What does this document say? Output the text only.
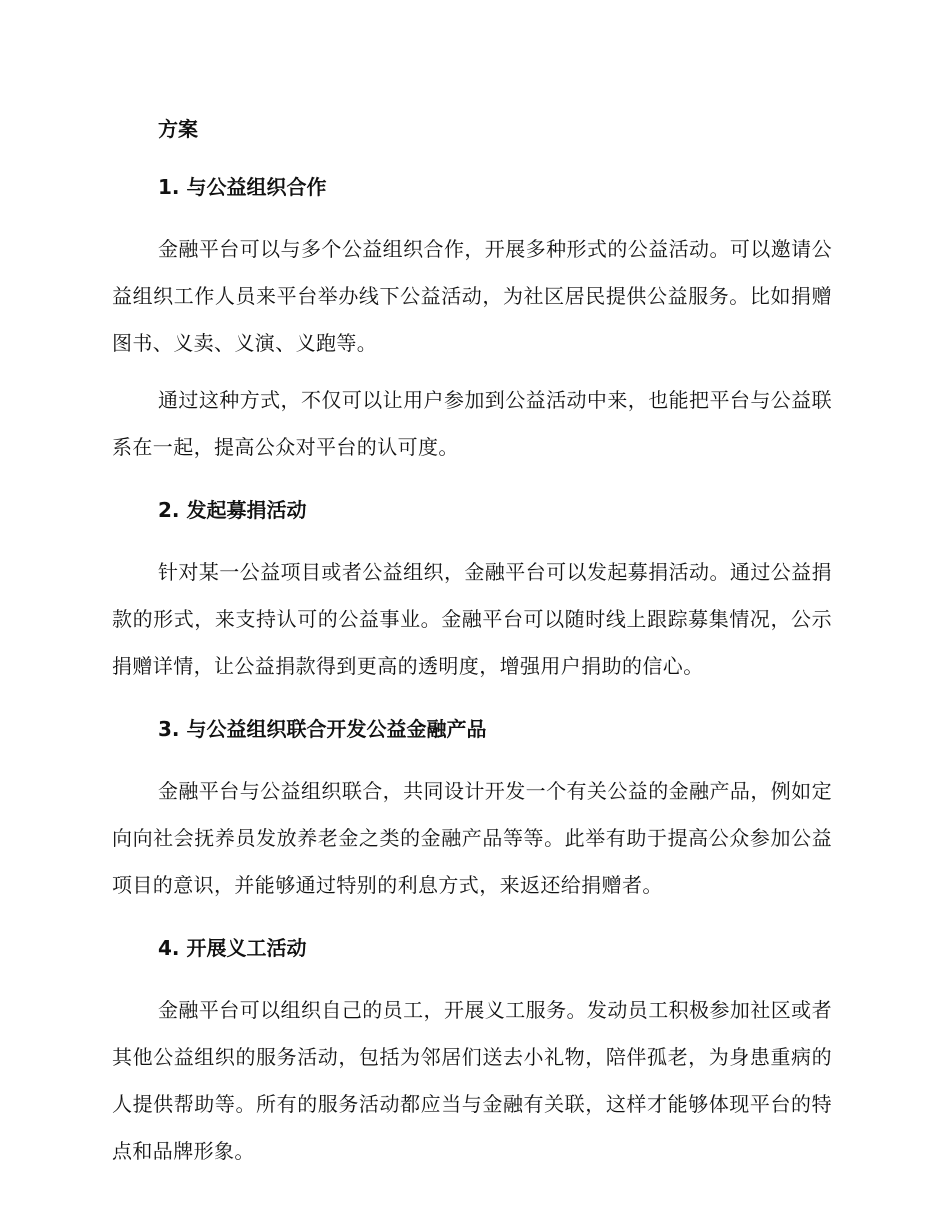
方案
1. 与公益组织合作

金融平台可以与多个公益组织合作，开展多种形式的公益活动。可以邀请公益组织工作人员来平台举办线下公益活动，为社区居民提供公益服务。比如捐赠图书、义卖、义演、义跑等。

通过这种方式，不仅可以让用户参加到公益活动中来，也能把平台与公益联系在一起，提高公众对平台的认可度。

2. 发起募捐活动

针对某一公益项目或者公益组织，金融平台可以发起募捐活动。通过公益捐款的形式，来支持认可的公益事业。金融平台可以随时线上跟踪募集情况，公示捐赠详情，让公益捐款得到更高的透明度，增强用户捐助的信心。

3. 与公益组织联合开发公益金融产品

金融平台与公益组织联合，共同设计开发一个有关公益的金融产品，例如定向向社会抚养员发放养老金之类的金融产品等等。此举有助于提高公众参加公益项目的意识，并能够通过特别的利息方式，来返还给捐赠者。

4. 开展义工活动

金融平台可以组织自己的员工，开展义工服务。发动员工积极参加社区或者其他公益组织的服务活动，包括为邻居们送去小礼物，陪伴孤老，为身患重病的人提供帮助等。所有的服务活动都应当与金融有关联，这样才能够体现平台的特点和品牌形象。
